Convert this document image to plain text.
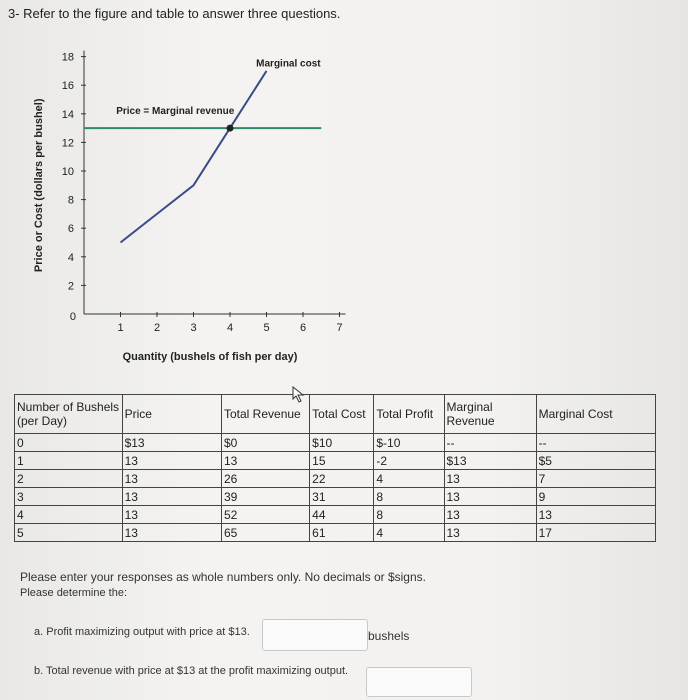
3- Refer to the figure and table to answer three questions.
18
16
14
12
10
8
6
4
2
0
1	2	3	4	5	6	7
Price or Cost (dollars per bushel)
Quantity (bushels of fish per day)
Marginal cost
Price = Marginal revenue
Number of Bushels (per Day)	Price	Total Revenue	Total Cost	Total Profit	Marginal Revenue	Marginal Cost
0	$13	$0	$10	$-10	--	--
1	13	13	15	-2	$13	$5
2	13	26	22	4	13	7
3	13	39	31	8	13	9
4	13	52	44	8	13	13
5	13	65	61	4	13	17
Please enter your responses as whole numbers only. No decimals or $signs.
Please determine the:
a. Profit maximizing output with price at $13.	bushels
b. Total revenue with price at $13 at the profit maximizing output.
